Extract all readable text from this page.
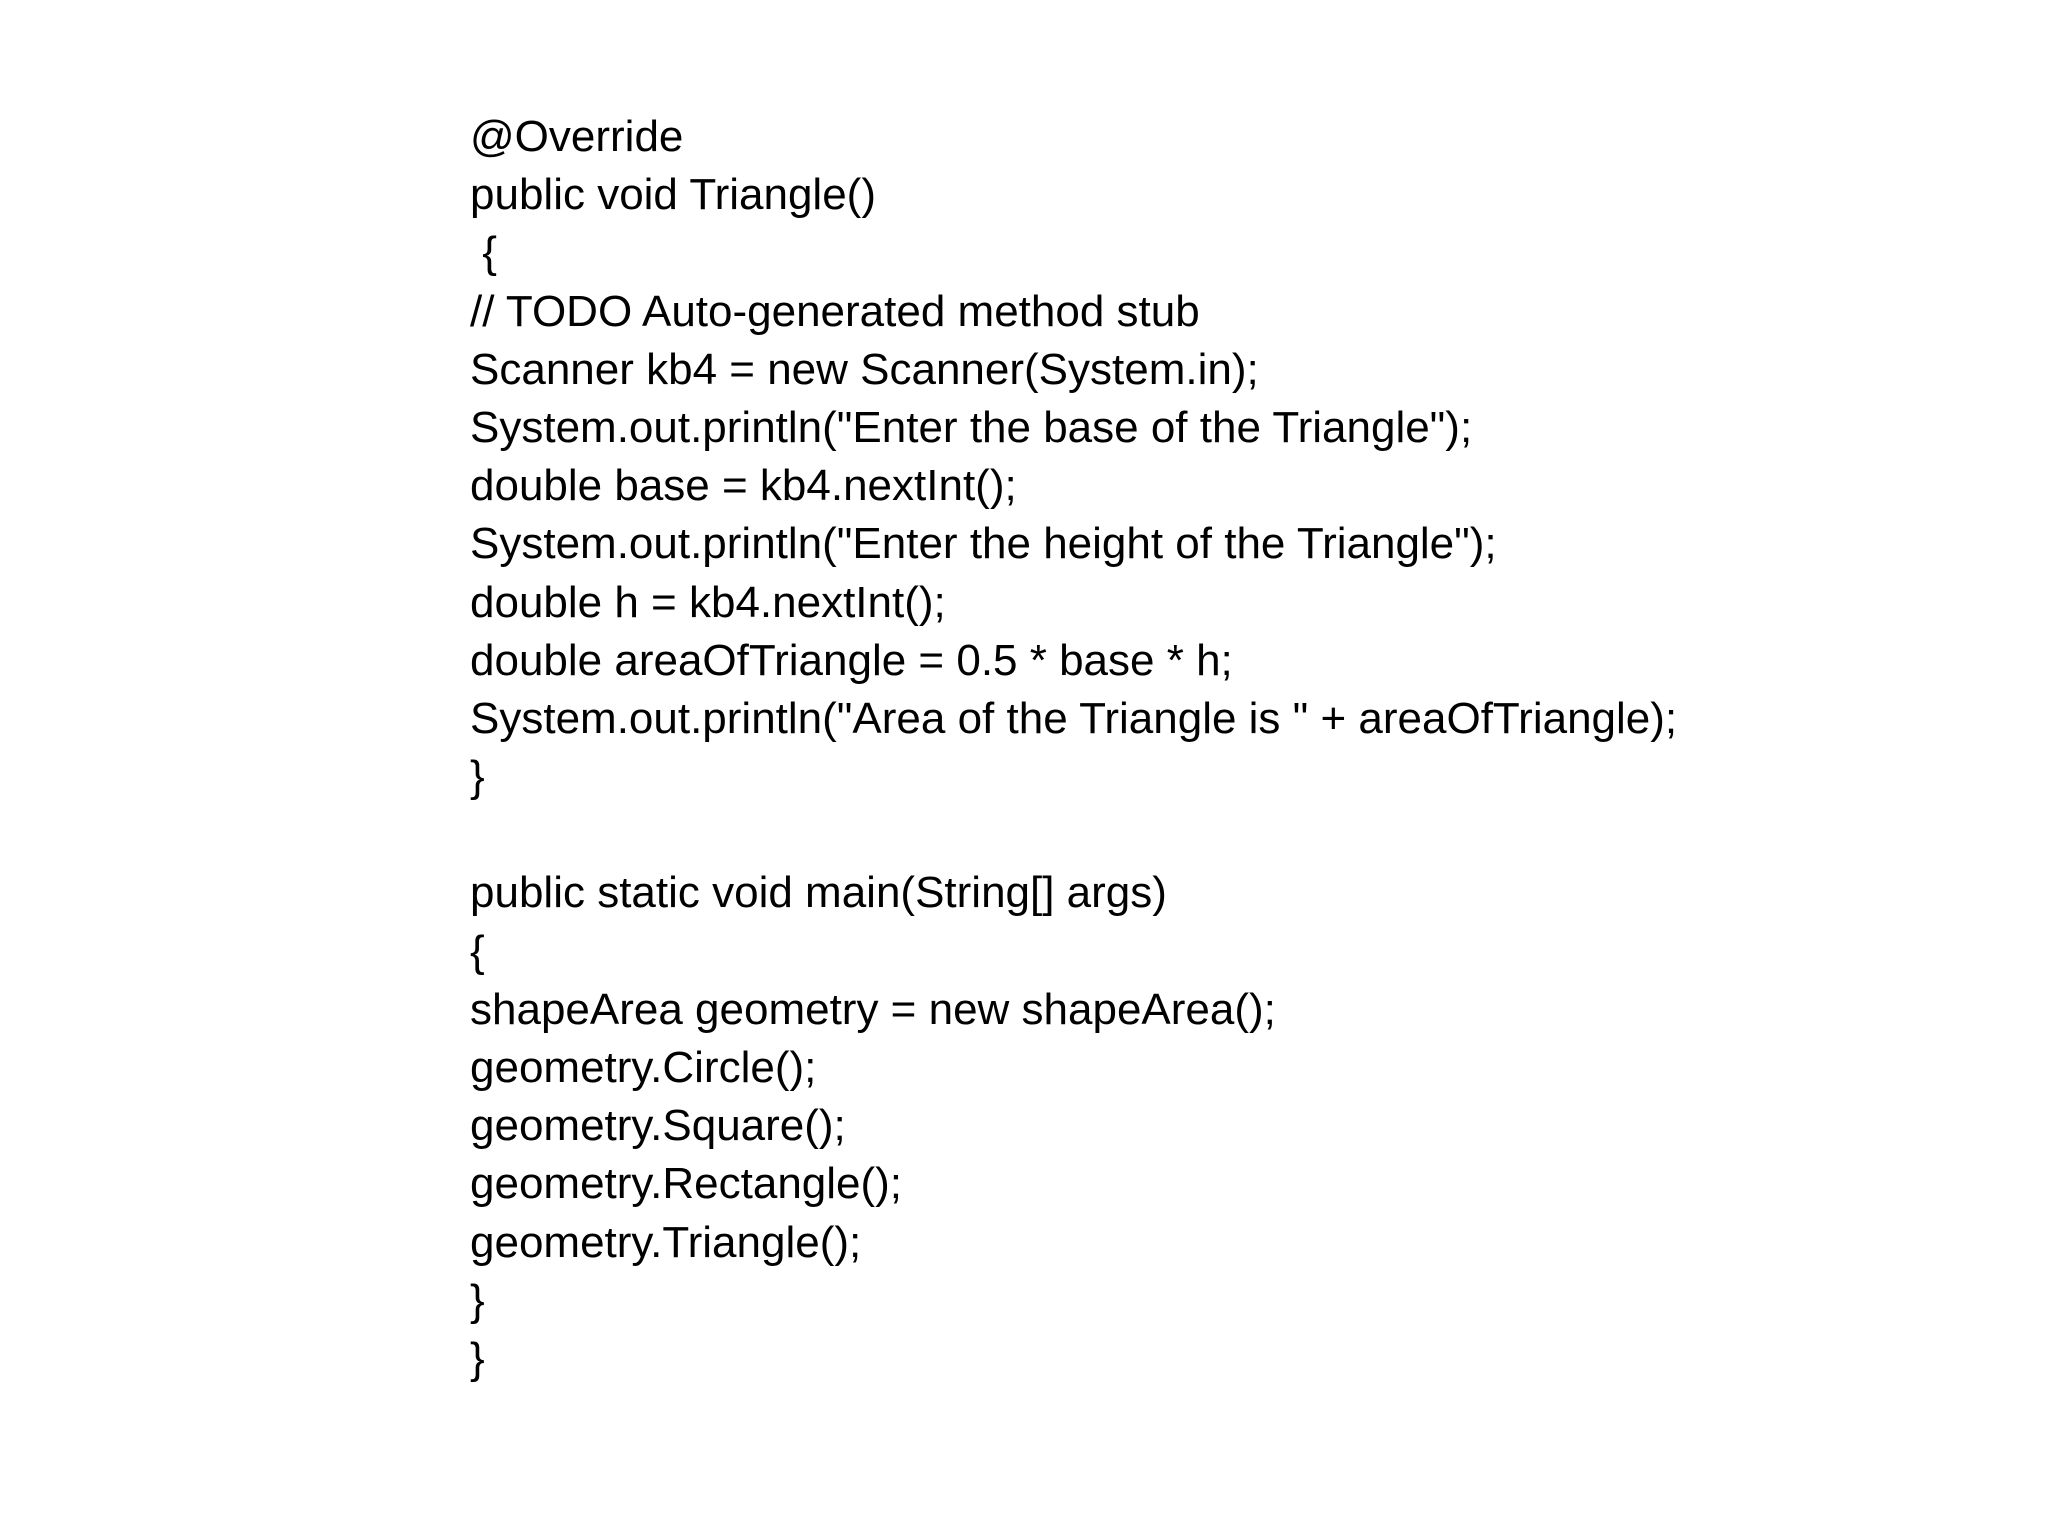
@Override
public void Triangle()
{
// TODO Auto-generated method stub
Scanner kb4 = new Scanner(System.in);
System.out.println("Enter the base of the Triangle");
double base = kb4.nextInt();
System.out.println("Enter the height of the Triangle");
double h = kb4.nextInt();
double areaOfTriangle = 0.5 * base * h;
System.out.println("Area of the Triangle is " + areaOfTriangle);
}
public static void main(String[] args)
{
shapeArea geometry = new shapeArea();
geometry.Circle();
geometry.Square();
geometry.Rectangle();
geometry.Triangle();
}
}
